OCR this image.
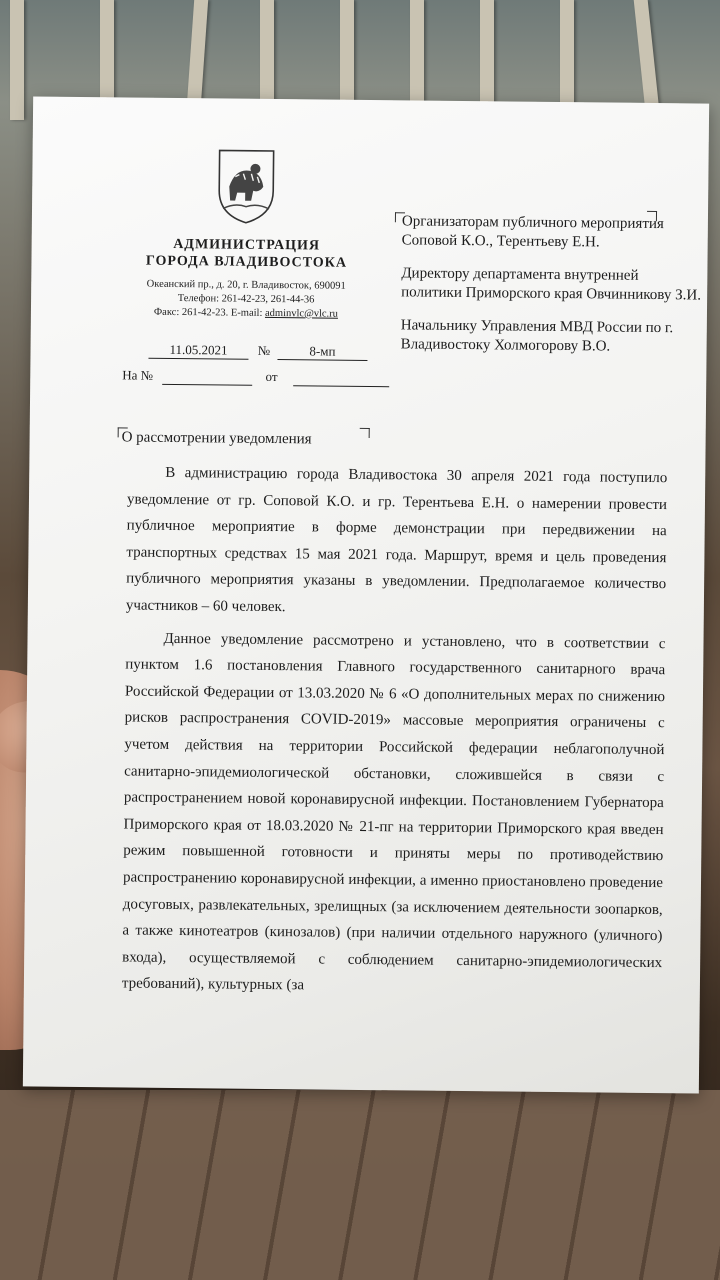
АДМИНИСТРАЦИЯ
ГОРОДА ВЛАДИВОСТОКА
Океанский пр., д. 20, г. Владивосток, 690091
Телефон: 261-42-23, 261-44-36
Факс: 261-42-23. E-mail: adminvlc@vlc.ru
11.05.2021 №	8-мп
На №	от

Организаторам публичного мероприятия Соповой К.О., Терентьеву Е.Н.

Директору департамента внутренней политики Приморского края Овчинникову З.И.

Начальнику Управления МВД России по г. Владивостоку Холмогорову В.О.

О рассмотрении уведомления

В администрацию города Владивостока 30 апреля 2021 года поступило уведомление от гр. Соповой К.О. и гр. Терентьева Е.Н. о намерении провести публичное мероприятие в форме демонстрации при передвижении на транспортных средствах 15 мая 2021 года. Маршрут, время и цель проведения публичного мероприятия указаны в уведомлении. Предполагаемое количество участников – 60 человек.

Данное уведомление рассмотрено и установлено, что в соответствии с пунктом 1.6 постановления Главного государственного санитарного врача Российской Федерации от 13.03.2020 № 6 «О дополнительных мерах по снижению рисков распространения COVID-2019» массовые мероприятия ограничены с учетом действия на территории Российской федерации неблагополучной санитарно-эпидемиологической обстановки, сложившейся в связи с распространением новой коронавирусной инфекции. Постановлением Губернатора Приморского края от 18.03.2020 № 21-пг на территории Приморского края введен режим повышенной готовности и приняты меры по противодействию распространению коронавирусной инфекции, а именно приостановлено проведение досуговых, развлекательных, зрелищных (за исключением деятельности зоопарков, а также кинотеатров (кинозалов) (при наличии отдельного наружного (уличного) входа), осуществляемой с соблюдением санитарно-эпидемиологических требований), культурных (за
